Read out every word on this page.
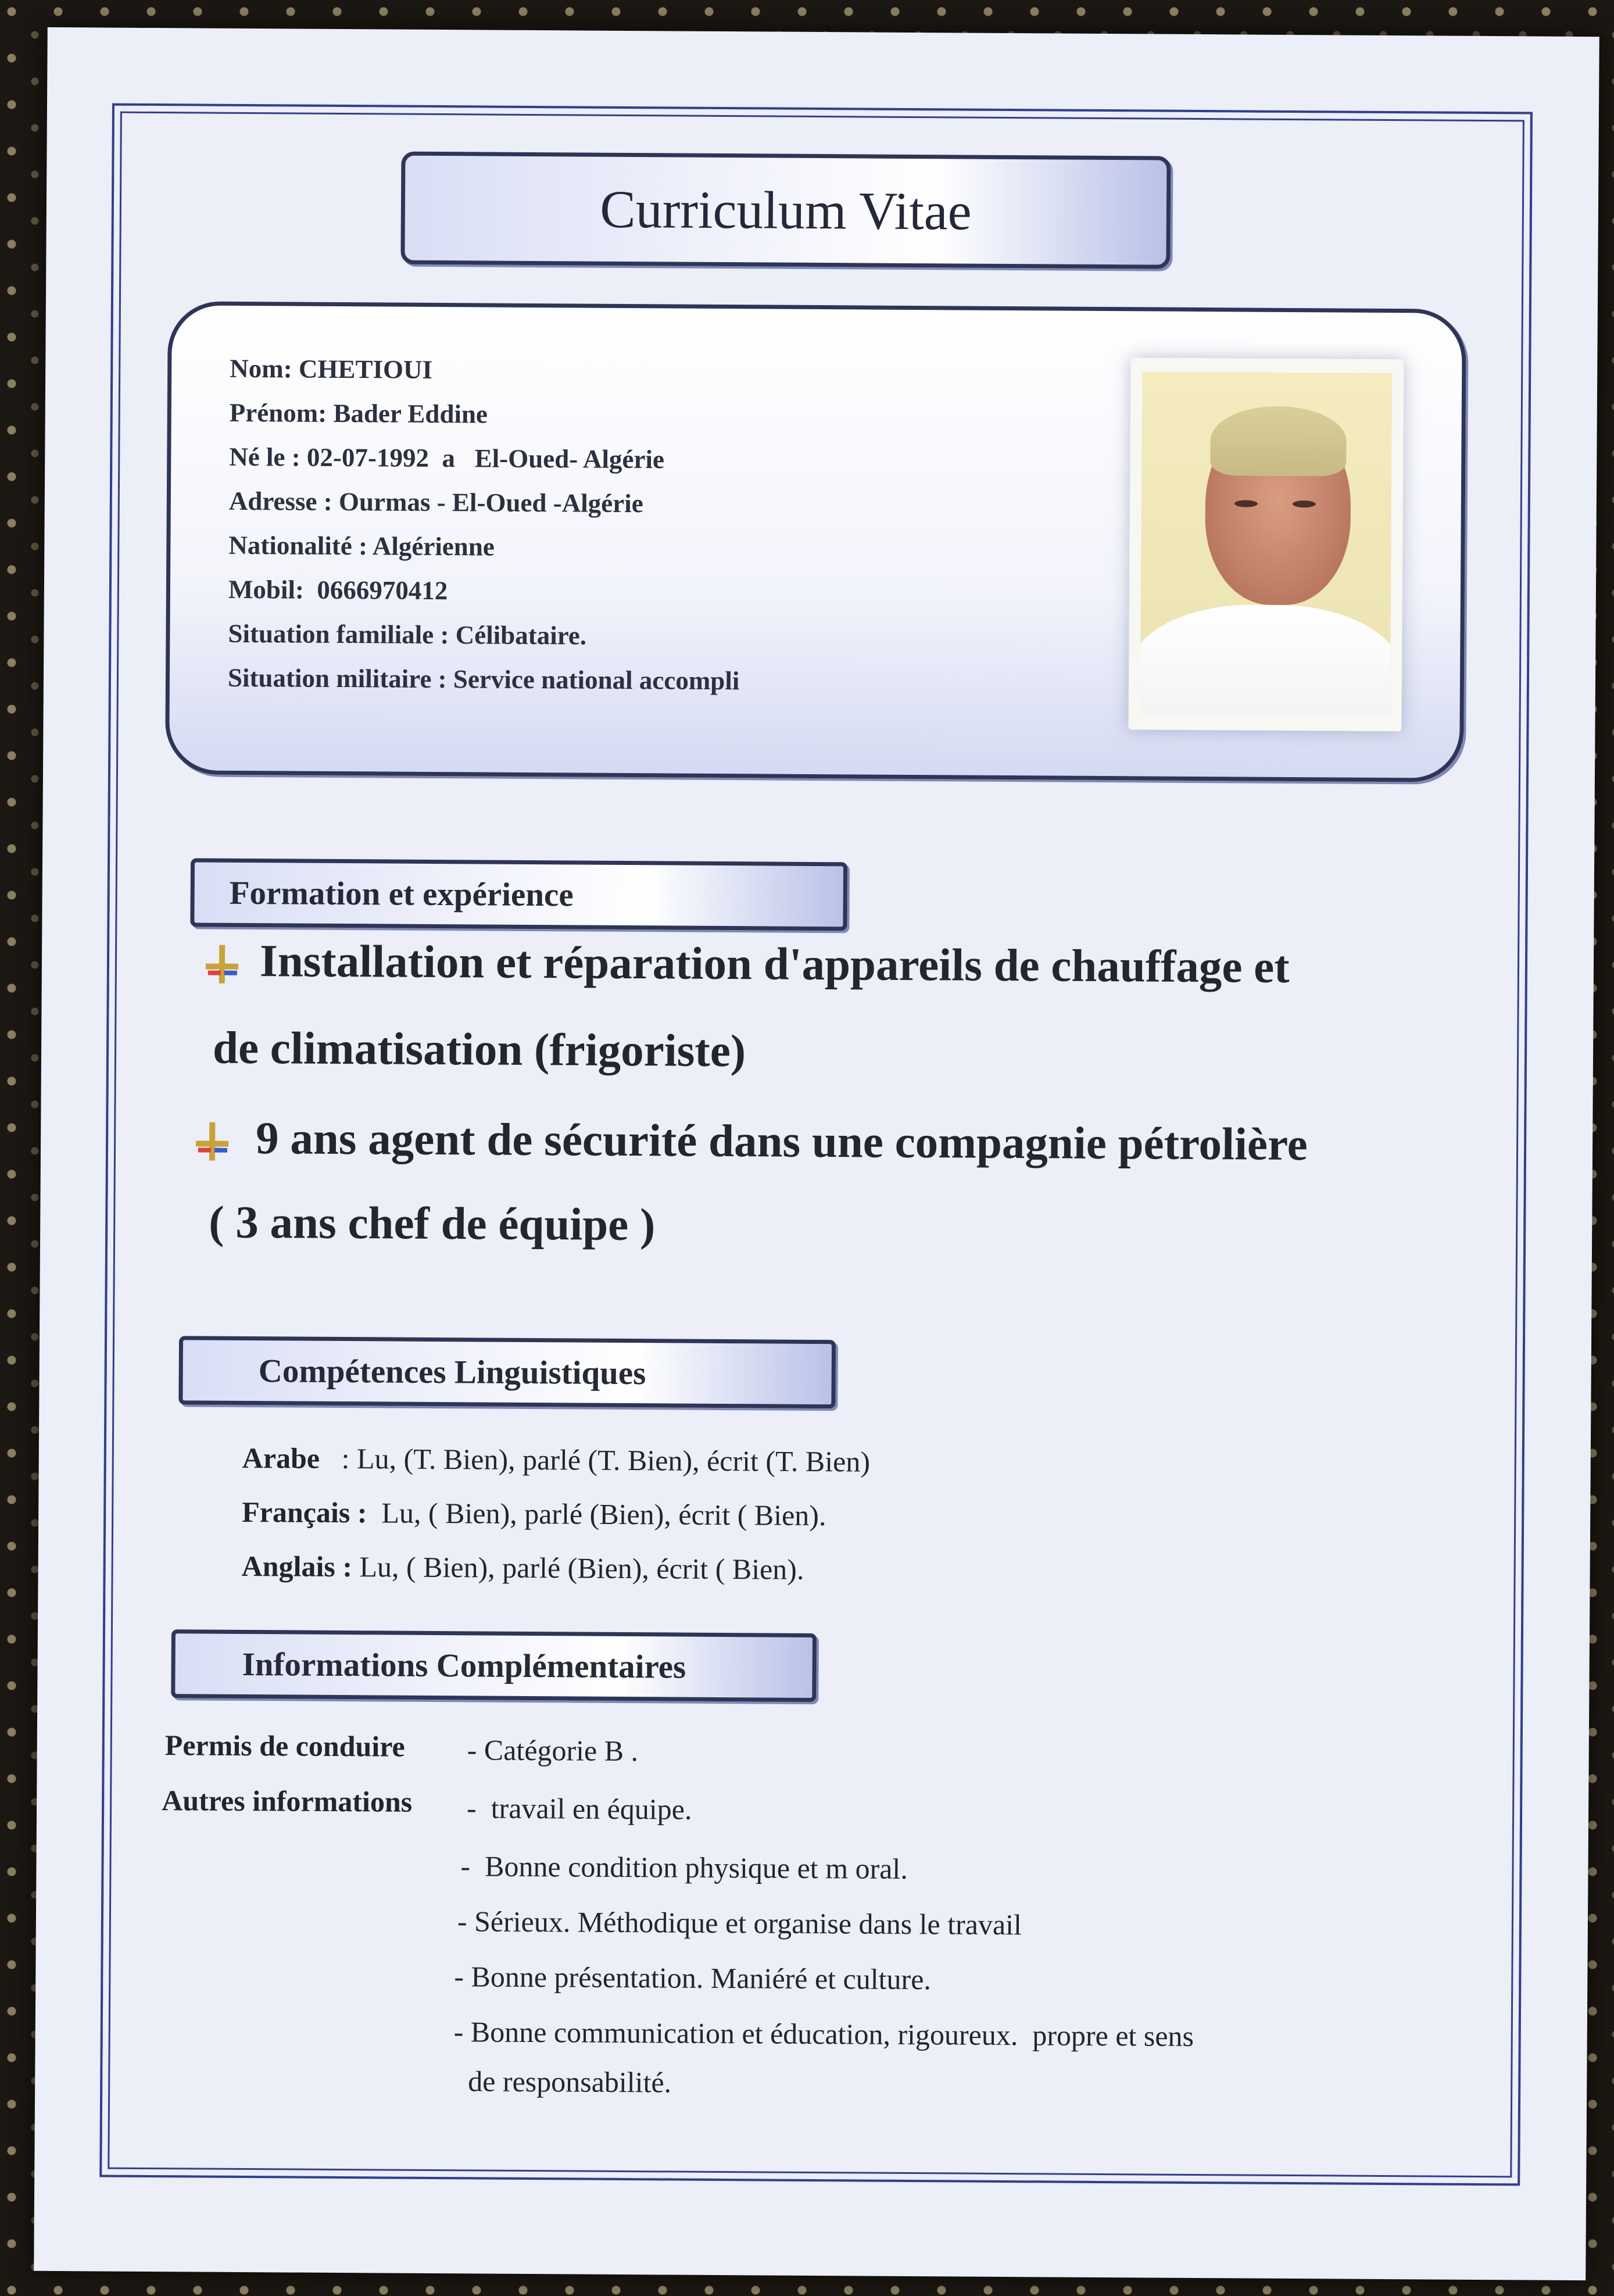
Curriculum Vitae
Nom: CHETIOUI
Prénom: Bader Eddine
Né le : 02-07-1992  a   El-Oued- Algérie
Adresse : Ourmas - El-Oued -Algérie
Nationalité : Algérienne
Mobil:  0666970412
Situation familiale : Célibataire.
Situation militaire : Service national accompli
Formation et expérience
Installation et réparation d'appareils de chauffage et
de climatisation (frigoriste)
9 ans agent de sécurité dans une compagnie pétrolière
( 3 ans chef de équipe )
Compétences Linguistiques
Arabe   : Lu, (T. Bien), parlé (T. Bien), écrit (T. Bien)
Français : Lu, ( Bien), parlé (Bien), écrit ( Bien).
Anglais : Lu, ( Bien), parlé (Bien), écrit ( Bien).
Informations Complémentaires
Permis de conduire - Catégorie B .
Autres informations -  travail en équipe.
-  Bonne condition physique et m oral.
- Sérieux. Méthodique et organise dans le travail
- Bonne présentation. Maniéré et culture.
- Bonne communication et éducation, rigoureux.  propre et sens
de responsabilité.
